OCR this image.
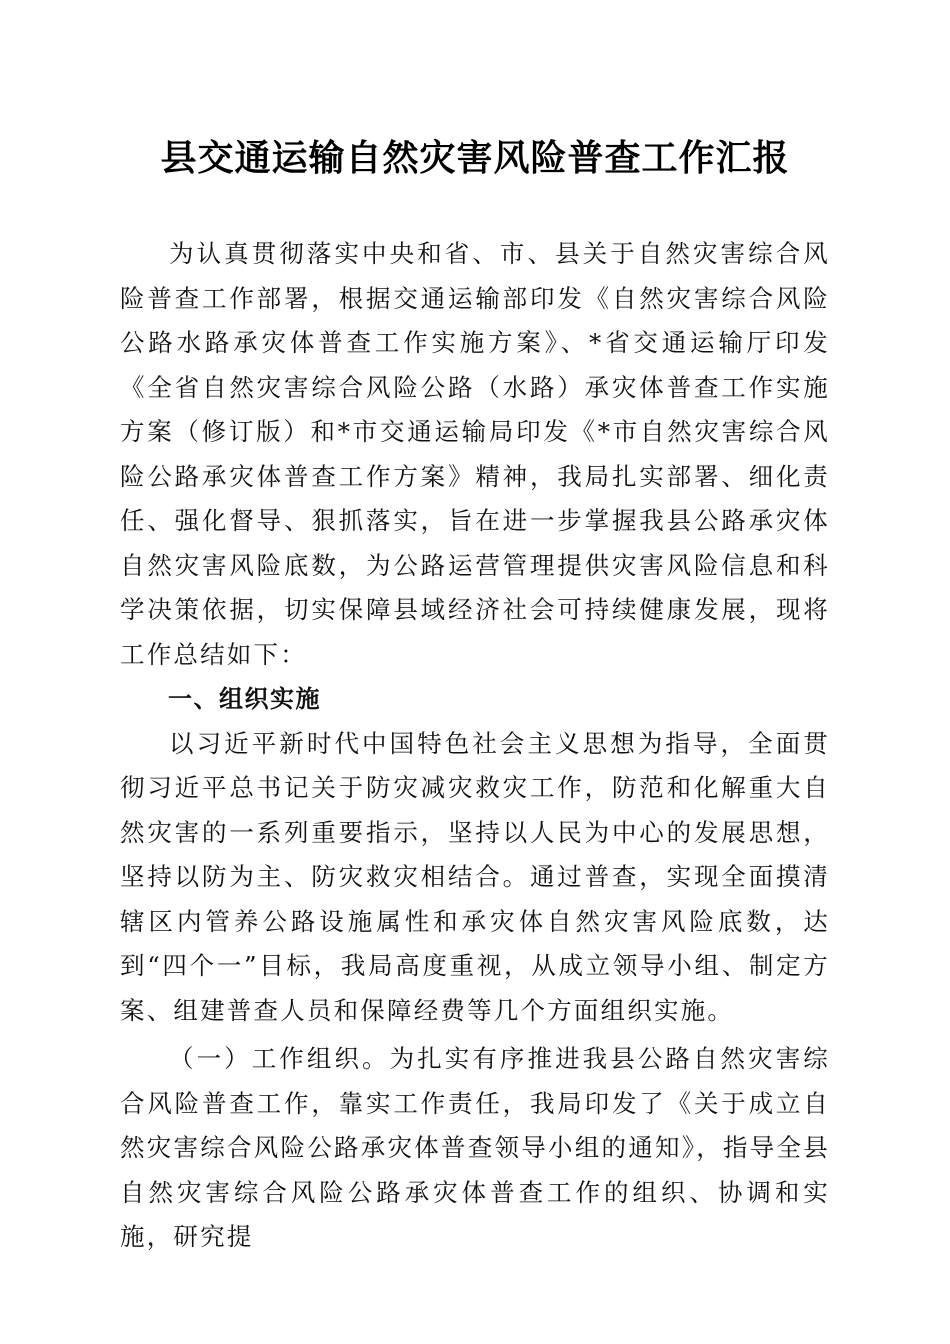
县交通运输自然灾害风险普查工作汇报

为认真贯彻落实中央和省、市、县关于自然灾害综合风险普查工作部署，根据交通运输部印发《自然灾害综合风险公路水路承灾体普查工作实施方案》、*省交通运输厅印发《全省自然灾害综合风险公路（水路）承灾体普查工作实施方案（修订版）和*市交通运输局印发《*市自然灾害综合风险公路承灾体普查工作方案》精神，我局扎实部署、细化责任、强化督导、狠抓落实，旨在进一步掌握我县公路承灾体自然灾害风险底数，为公路运营管理提供灾害风险信息和科学决策依据，切实保障县域经济社会可持续健康发展，现将工作总结如下：

一、组织实施

以习近平新时代中国特色社会主义思想为指导，全面贯彻习近平总书记关于防灾减灾救灾工作，防范和化解重大自然灾害的一系列重要指示，坚持以人民为中心的发展思想，坚持以防为主、防灾救灾相结合。通过普查，实现全面摸清辖区内管养公路设施属性和承灾体自然灾害风险底数，达到“四个一”目标，我局高度重视，从成立领导小组、制定方案、组建普查人员和保障经费等几个方面组织实施。

（一）工作组织。为扎实有序推进我县公路自然灾害综合风险普查工作，靠实工作责任，我局印发了《关于成立自然灾害综合风险公路承灾体普查领导小组的通知》，指导全县自然灾害综合风险公路承灾体普查工作的组织、协调和实施，研究提
